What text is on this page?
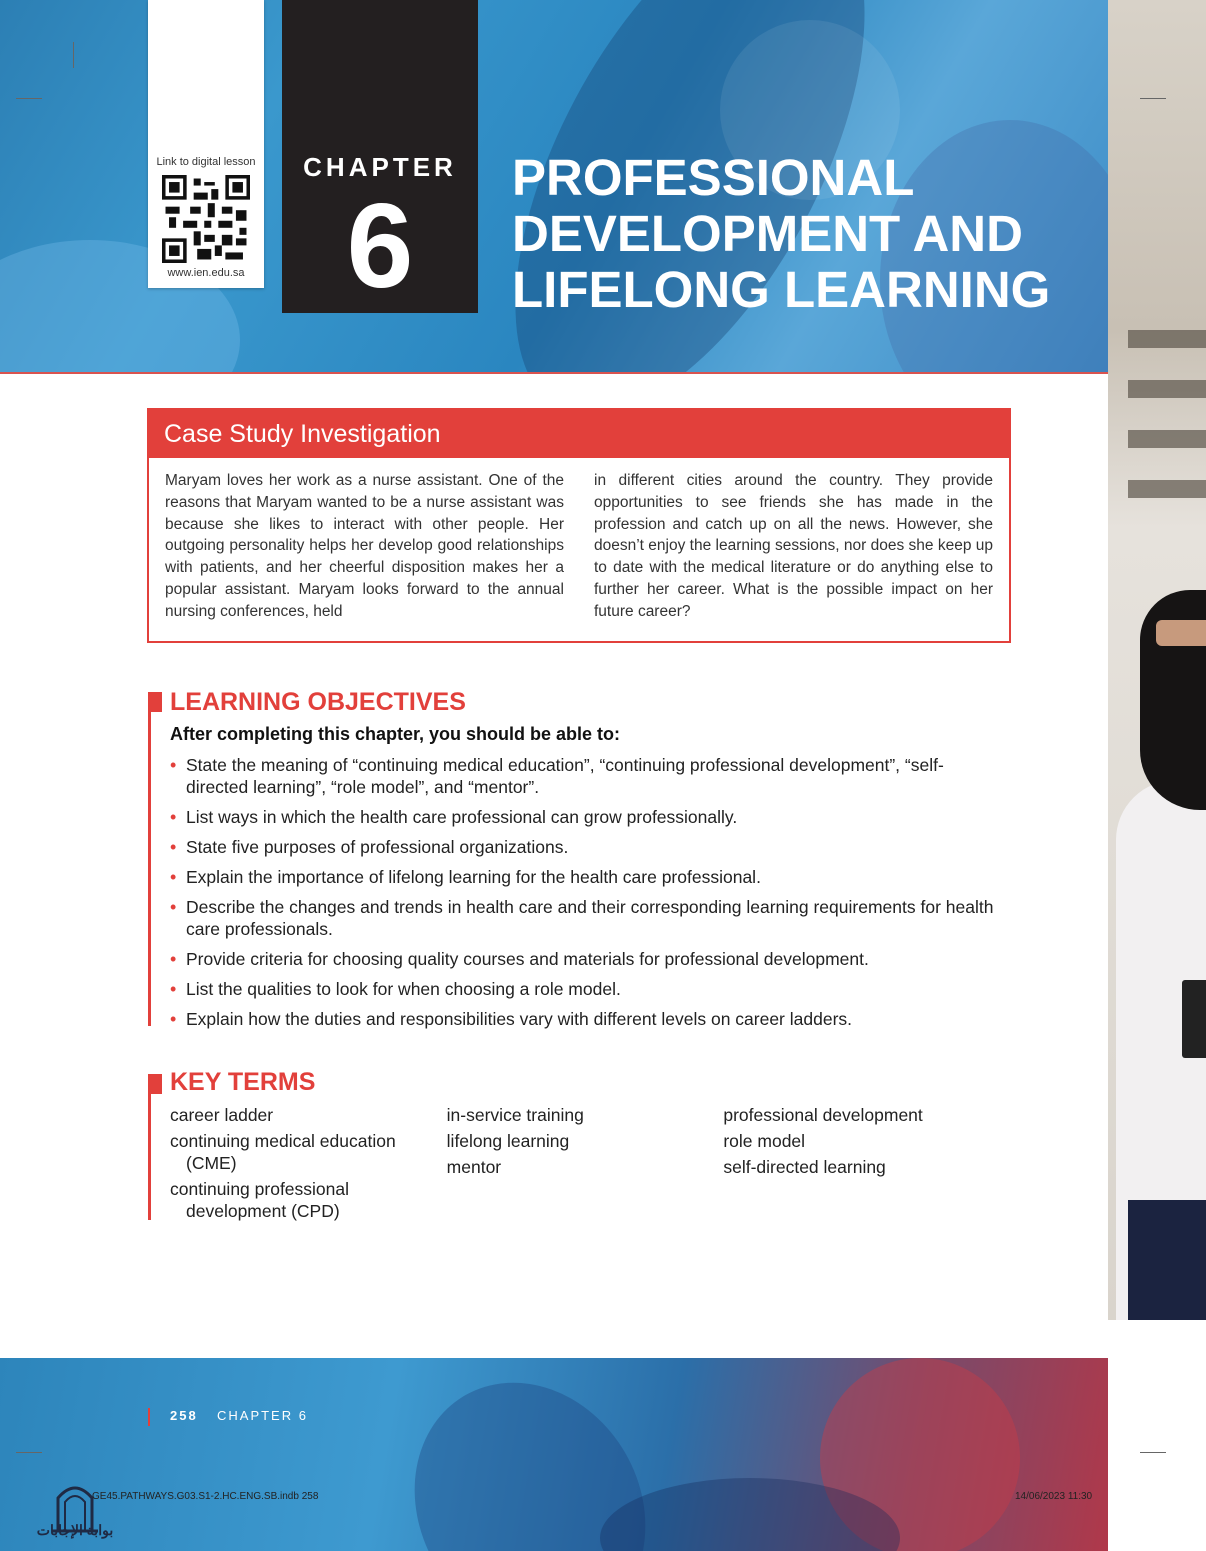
Link to digital lesson
www.ien.edu.sa
CHAPTER
6
PROFESSIONAL
DEVELOPMENT AND
LIFELONG LEARNING
Case Study Investigation

Maryam loves her work as a nurse assistant. One of the reasons that Maryam wanted to be a nurse assistant was because she likes to interact with other people. Her outgoing personality helps her develop good relationships with patients, and her cheerful disposition makes her a popular assistant. Maryam looks forward to the annual nursing conferences, held

in different cities around the country. They provide opportunities to see friends she has made in the profession and catch up on all the news. However, she doesn’t enjoy the learning sessions, nor does she keep up to date with the medical literature or do anything else to further her career. What is the possible impact on her future career?

LEARNING OBJECTIVES

After completing this chapter, you should be able to:

• State the meaning of “continuing medical education”, “continuing professional development”, “self-directed learning”, “role model”, and “mentor”.
• List ways in which the health care professional can grow professionally.
• State five purposes of professional organizations.
• Explain the importance of lifelong learning for the health care professional.
• Describe the changes and trends in health care and their corresponding learning requirements for health care professionals.
• Provide criteria for choosing quality courses and materials for professional development.
• List the qualities to look for when choosing a role model.
• Explain how the duties and responsibilities vary with different levels on career ladders.
KEY TERMS
career ladder
continuing medical education (CME)
continuing professional development (CPD)
in-service training
lifelong learning
mentor
professional development
role model
self-directed learning
258 CHAPTER 6
GE45.PATHWAYS.G03.S1-2.HC.ENG.SB.indb 258	14/06/2023 11:30
بوابة الإجابات
